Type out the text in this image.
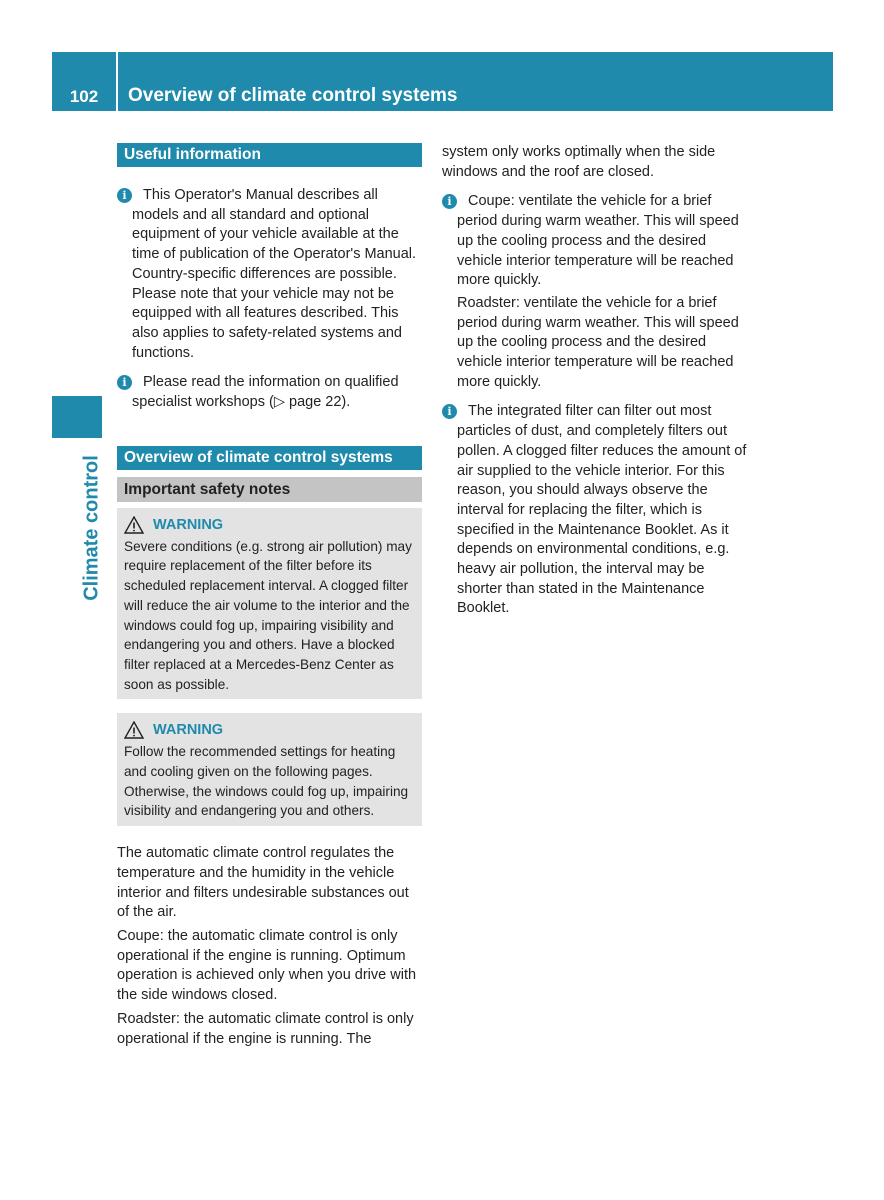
102	Overview of climate control systems
Climate control
Useful information
i	This Operator's Manual describes all

models and all standard and optional equipment of your vehicle available at the time of publication of the Operator's Manual. Country-specific differences are possible. Please note that your vehicle may not be equipped with all features described. This also applies to safety-related systems and functions.

i	Please read the information on qualified

specialist workshops (▷ page 22).

Overview of climate control systems
Important safety notes
WARNING

Severe conditions (e.g. strong air pollution) may require replacement of the filter before its scheduled replacement interval. A clogged filter will reduce the air volume to the interior and the windows could fog up, impairing visibility and endangering you and others. Have a blocked filter replaced at a Mercedes-Benz Center as soon as possible.

WARNING

Follow the recommended settings for heating and cooling given on the following pages. Otherwise, the windows could fog up, impairing visibility and endangering you and others.

The automatic climate control regulates the temperature and the humidity in the vehicle interior and filters undesirable substances out of the air.

Coupe: the automatic climate control is only operational if the engine is running. Optimum operation is achieved only when you drive with the side windows closed.

Roadster: the automatic climate control is only operational if the engine is running. The

system only works optimally when the side windows and the roof are closed.

i	Coupe: ventilate the vehicle for a brief

period during warm weather. This will speed up the cooling process and the desired vehicle interior temperature will be reached more quickly.

Roadster: ventilate the vehicle for a brief period during warm weather. This will speed up the cooling process and the desired vehicle interior temperature will be reached more quickly.

i	The integrated filter can filter out most

particles of dust, and completely filters out pollen. A clogged filter reduces the amount of air supplied to the vehicle interior. For this reason, you should always observe the interval for replacing the filter, which is specified in the Maintenance Booklet. As it depends on environmental conditions, e.g. heavy air pollution, the interval may be shorter than stated in the Maintenance Booklet.
